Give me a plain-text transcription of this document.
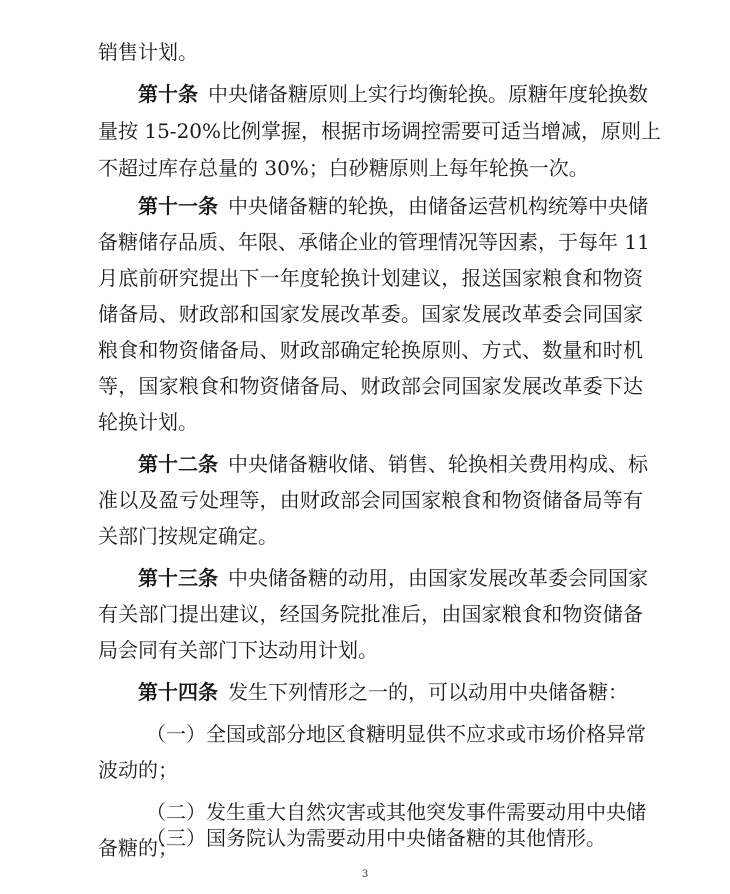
销售计划。
第十条 中央储备糖原则上实行均衡轮换。原糖年度轮换数
量按 15-20%比例掌握，根据市场调控需要可适当增减，原则上
不超过库存总量的 30%；白砂糖原则上每年轮换一次。
第十一条 中央储备糖的轮换，由储备运营机构统筹中央储
备糖储存品质、年限、承储企业的管理情况等因素，于每年 11
月底前研究提出下一年度轮换计划建议，报送国家粮食和物资
储备局、财政部和国家发展改革委。国家发展改革委会同国家
粮食和物资储备局、财政部确定轮换原则、方式、数量和时机
等，国家粮食和物资储备局、财政部会同国家发展改革委下达
轮换计划。
第十二条 中央储备糖收储、销售、轮换相关费用构成、标
准以及盈亏处理等，由财政部会同国家粮食和物资储备局等有
关部门按规定确定。
第十三条 中央储备糖的动用，由国家发展改革委会同国家
有关部门提出建议，经国务院批准后，由国家粮食和物资储备
局会同有关部门下达动用计划。
第十四条 发生下列情形之一的，可以动用中央储备糖：
（一）全国或部分地区食糖明显供不应求或市场价格异常
波动的；
（二）发生重大自然灾害或其他突发事件需要动用中央储
备糖的；
3
（三）国务院认为需要动用中央储备糖的其他情形。
